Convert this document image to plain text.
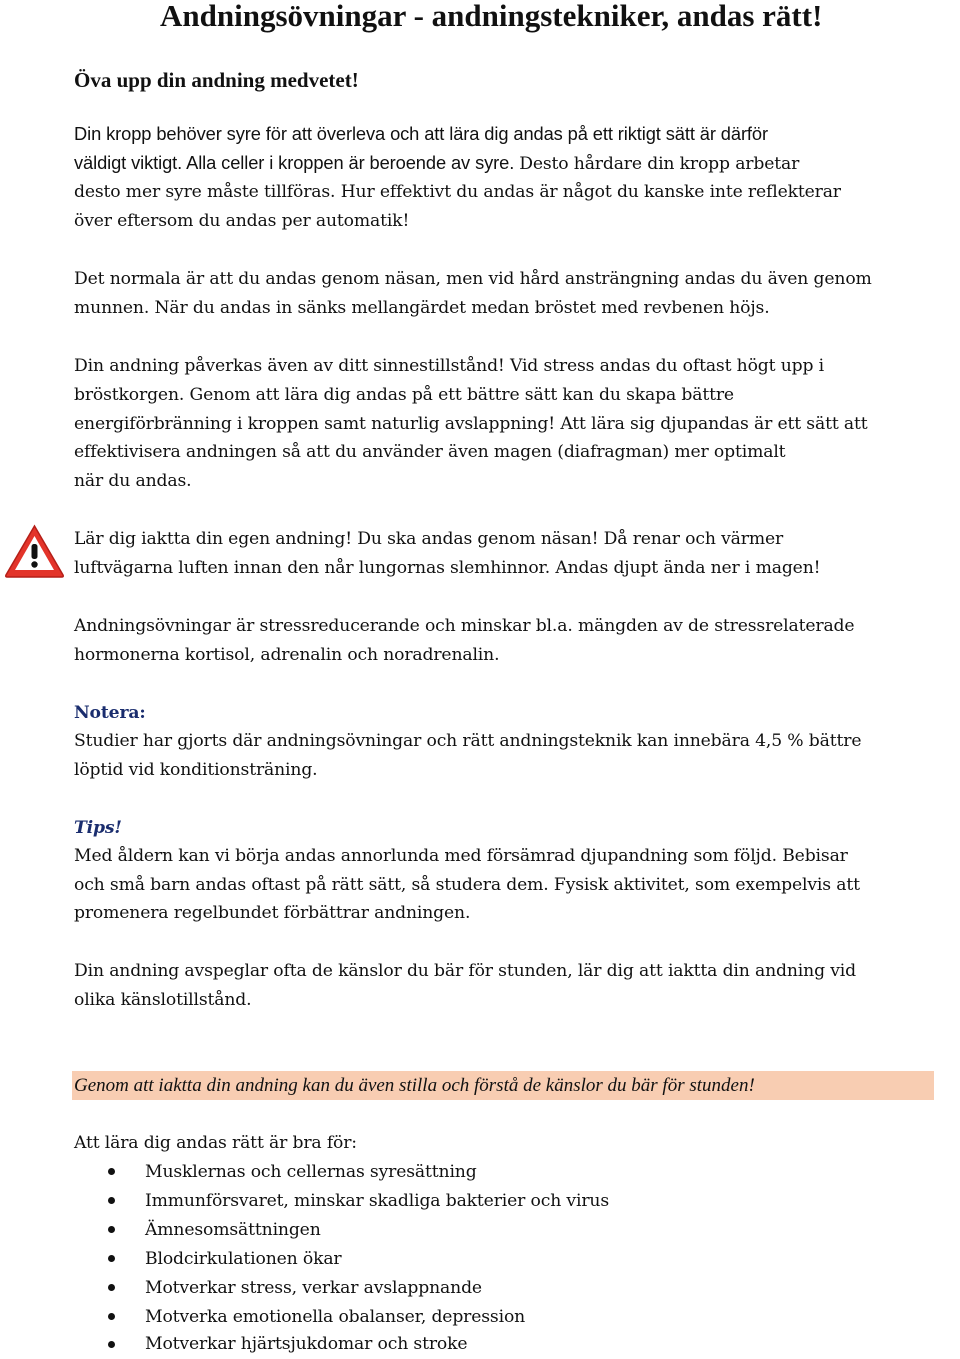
Andningsövningar - andningstekniker, andas rätt!
Öva upp din andning medvetet!
Din kropp behöver syre för att överleva och att lära dig andas på ett riktigt sätt är därför
väldigt viktigt. Alla celler i kroppen är beroende av syre. Desto hårdare din kropp arbetar
desto mer syre måste tillföras. Hur effektivt du andas är något du kanske inte reflekterar
över eftersom du andas per automatik!
Det normala är att du andas genom näsan, men vid hård ansträngning andas du även genom
munnen. När du andas in sänks mellangärdet medan bröstet med revbenen höjs.
Din andning påverkas även av ditt sinnestillstånd! Vid stress andas du oftast högt upp i
bröstkorgen. Genom att lära dig andas på ett bättre sätt kan du skapa bättre
energiförbränning i kroppen samt naturlig avslappning! Att lära sig djupandas är ett sätt att
effektivisera andningen så att du använder även magen (diafragman) mer optimalt
när du andas.
Lär dig iaktta din egen andning! Du ska andas genom näsan! Då renar och värmer
luftvägarna luften innan den når lungornas slemhinnor. Andas djupt ända ner i magen!
Andningsövningar är stressreducerande och minskar bl.a. mängden av de stressrelaterade
hormonerna kortisol, adrenalin och noradrenalin.
Notera:
Studier har gjorts där andningsövningar och rätt andningsteknik kan innebära 4,5 % bättre
löptid vid konditionsträning.
Tips!
Med åldern kan vi börja andas annorlunda med försämrad djupandning som följd. Bebisar
och små barn andas oftast på rätt sätt, så studera dem. Fysisk aktivitet, som exempelvis att
promenera regelbundet förbättrar andningen.
Din andning avspeglar ofta de känslor du bär för stunden, lär dig att iaktta din andning vid
olika känslotillstånd.
Genom att iaktta din andning kan du även stilla och förstå de känslor du bär för stunden!
Att lära dig andas rätt är bra för:
Musklernas och cellernas syresättning
Immunförsvaret, minskar skadliga bakterier och virus
Ämnesomsättningen
Blodcirkulationen ökar
Motverkar stress, verkar avslappnande
Motverka emotionella obalanser, depression
Motverkar hjärtsjukdomar och stroke
